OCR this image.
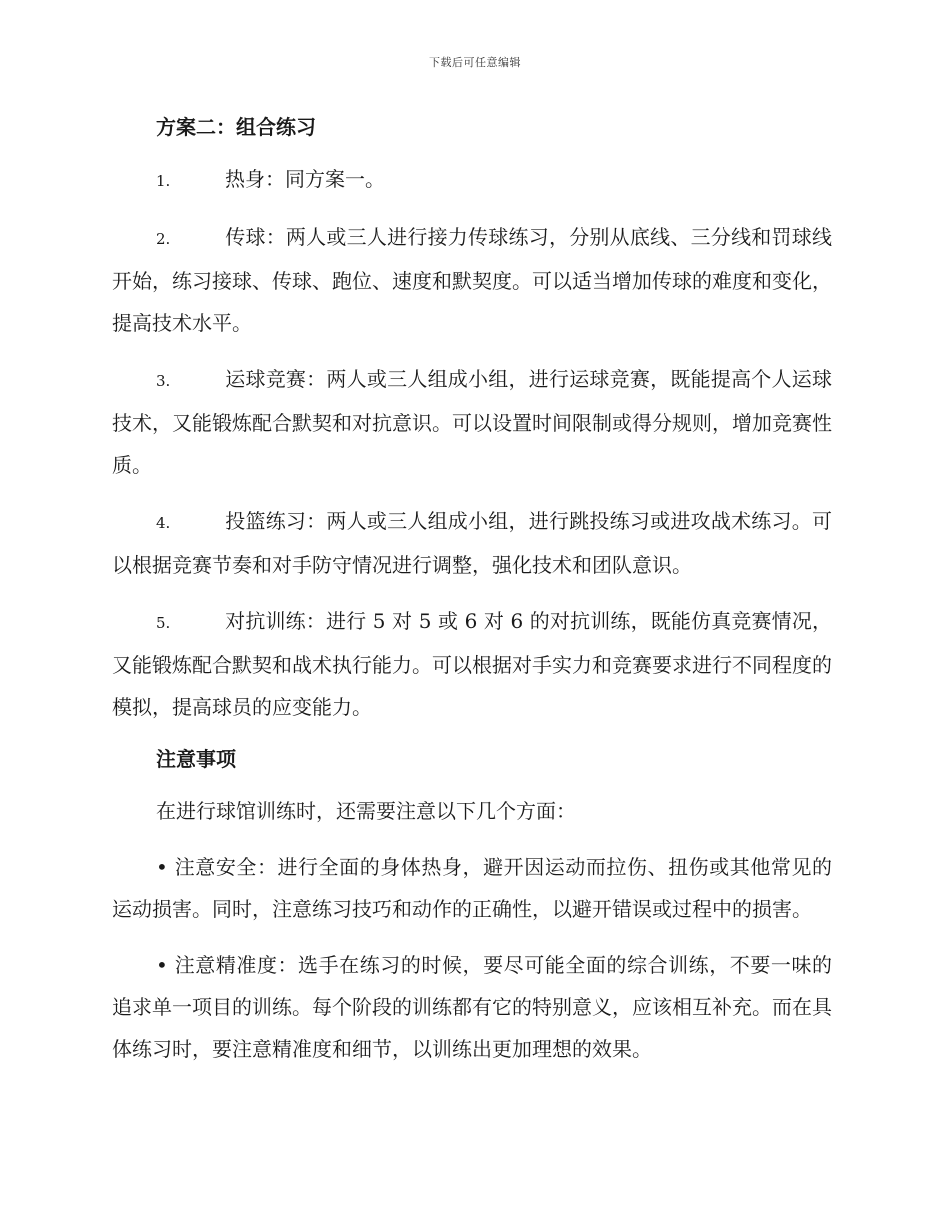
下载后可任意编辑
方案二：组合练习

1.	热身：同方案一。

2.	传球：两人或三人进行接力传球练习，分别从底线、三分线和罚球线开始，练习接球、传球、跑位、速度和默契度。可以适当增加传球的难度和变化，提高技术水平。

3.	运球竞赛：两人或三人组成小组，进行运球竞赛，既能提高个人运球技术，又能锻炼配合默契和对抗意识。可以设置时间限制或得分规则，增加竞赛性质。

4.	投篮练习：两人或三人组成小组，进行跳投练习或进攻战术练习。可以根据竞赛节奏和对手防守情况进行调整，强化技术和团队意识。

5.	对抗训练：进行 5 对 5 或 6 对 6 的对抗训练，既能仿真竞赛情况，又能锻炼配合默契和战术执行能力。可以根据对手实力和竞赛要求进行不同程度的模拟，提高球员的应变能力。

注意事项

在进行球馆训练时，还需要注意以下几个方面：

• 注意安全：进行全面的身体热身，避开因运动而拉伤、扭伤或其他常见的运动损害。同时，注意练习技巧和动作的正确性，以避开错误或过程中的损害。

• 注意精准度：选手在练习的时候，要尽可能全面的综合训练，不要一味的追求单一项目的训练。每个阶段的训练都有它的特别意义，应该相互补充。而在具体练习时，要注意精准度和细节，以训练出更加理想的效果。
